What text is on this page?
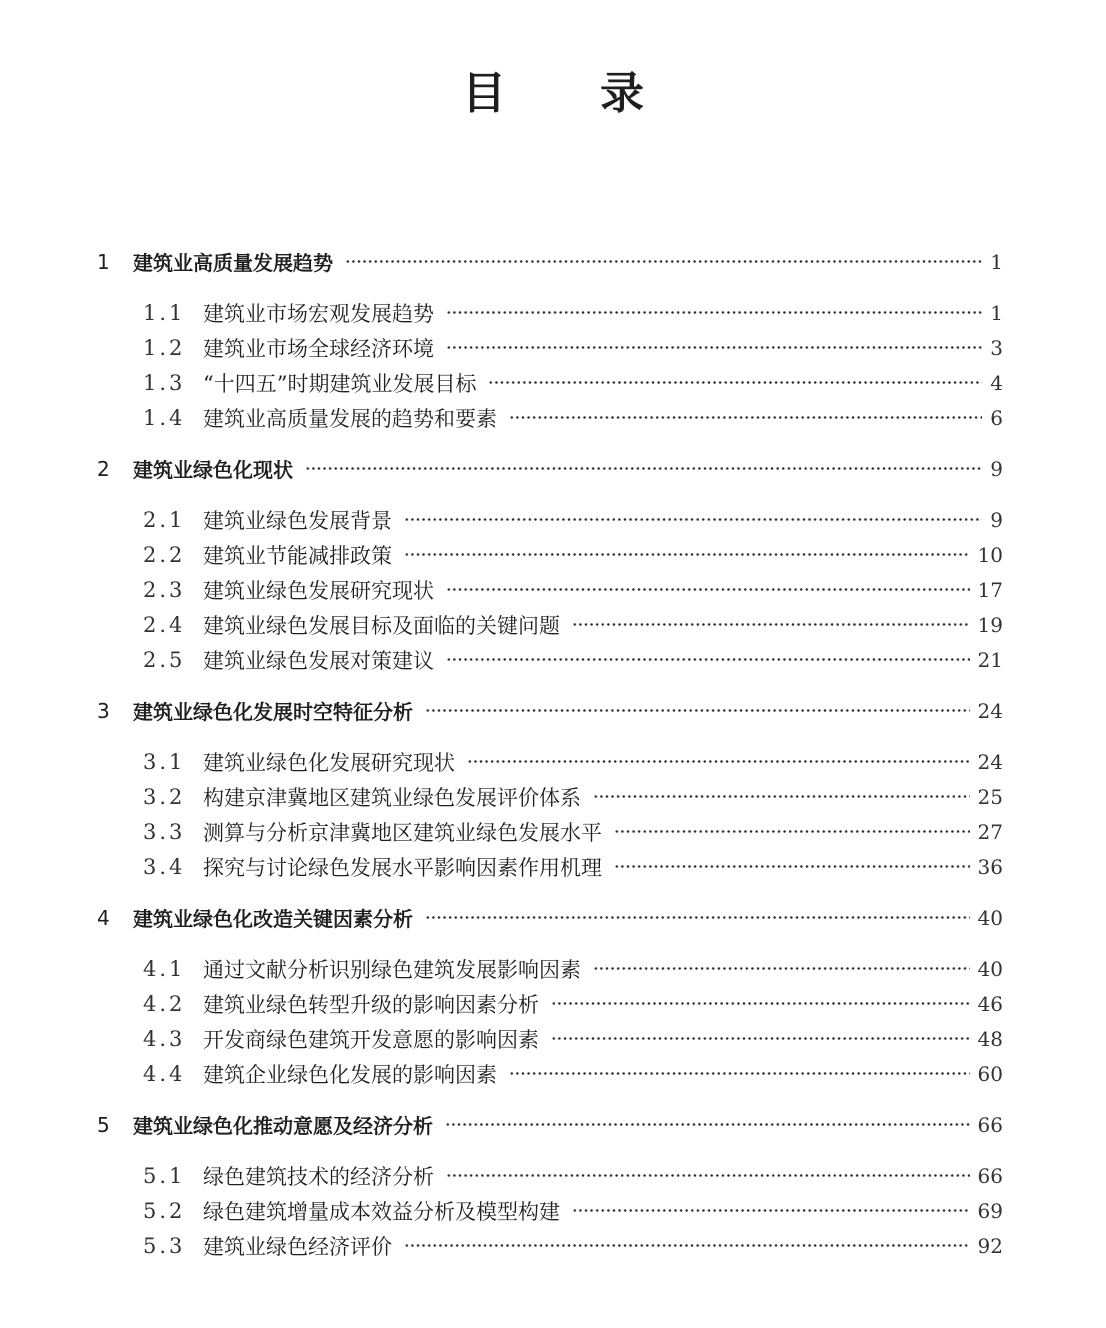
目 录
1	建筑业高质量发展趋势	1
1.1 建筑业市场宏观发展趋势	1
1.2 建筑业市场全球经济环境	3
1.3 “十四五”时期建筑业发展目标	4
1.4 建筑业高质量发展的趋势和要素	6
2	建筑业绿色化现状	9
2.1 建筑业绿色发展背景	9
2.2 建筑业节能减排政策	10
2.3 建筑业绿色发展研究现状	17
2.4 建筑业绿色发展目标及面临的关键问题	19
2.5 建筑业绿色发展对策建议	21
3	建筑业绿色化发展时空特征分析	24
3.1 建筑业绿色化发展研究现状	24
3.2 构建京津冀地区建筑业绿色发展评价体系	25
3.3 测算与分析京津冀地区建筑业绿色发展水平	27
3.4 探究与讨论绿色发展水平影响因素作用机理	36
4	建筑业绿色化改造关键因素分析	40
4.1 通过文献分析识别绿色建筑发展影响因素	40
4.2 建筑业绿色转型升级的影响因素分析	46
4.3 开发商绿色建筑开发意愿的影响因素	48
4.4 建筑企业绿色化发展的影响因素	60
5	建筑业绿色化推动意愿及经济分析	66
5.1 绿色建筑技术的经济分析	66
5.2 绿色建筑增量成本效益分析及模型构建	69
5.3 建筑业绿色经济评价	92
